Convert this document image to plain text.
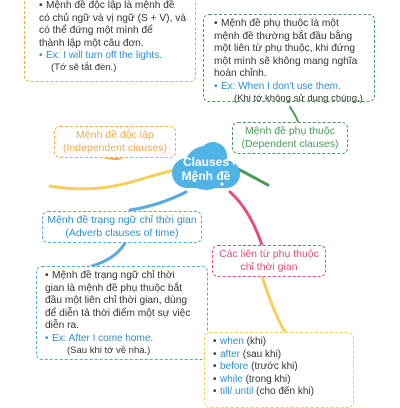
Clauses
Mệnh đề
• Mệnh đề độc lập là mệnh đề
có chủ ngữ và vị ngữ (S + V), và
có thể đứng một mình để
thành lập một câu đơn.
• Ex: I will turn off the lights.
(Tớ sẽ tắt đèn.)
• Mệnh đề phụ thuộc là một
mệnh đề thường bắt đầu bằng
một liên từ phụ thuộc, khi đứng
một mình sẽ không mang nghĩa
hoàn chỉnh.
• Ex: When I don't use them.
(Khi tớ không sử dụng chúng.)
Mệnh đề độc lập
(Independent clauses)
Mệnh đề phụ thuộc
(Dependent clauses)
Mệnh đề trạng ngữ chỉ thời gian
(Adverb clauses of time)
Các liên từ phụ thuộc
chỉ thời gian
• Mệnh đề trạng ngữ chỉ thời
gian là mệnh đề phụ thuộc bắt
đầu một liên chỉ thời gian, dùng
để diễn tả thời điểm một sự việc
diễn ra.
• Ex: After I come home.
(Sau khi tớ về nhà.)
• when (khi)
• after (sau khi)
• before (trước khi)
• while (trong khi)
• till/ until (cho đến khi)
